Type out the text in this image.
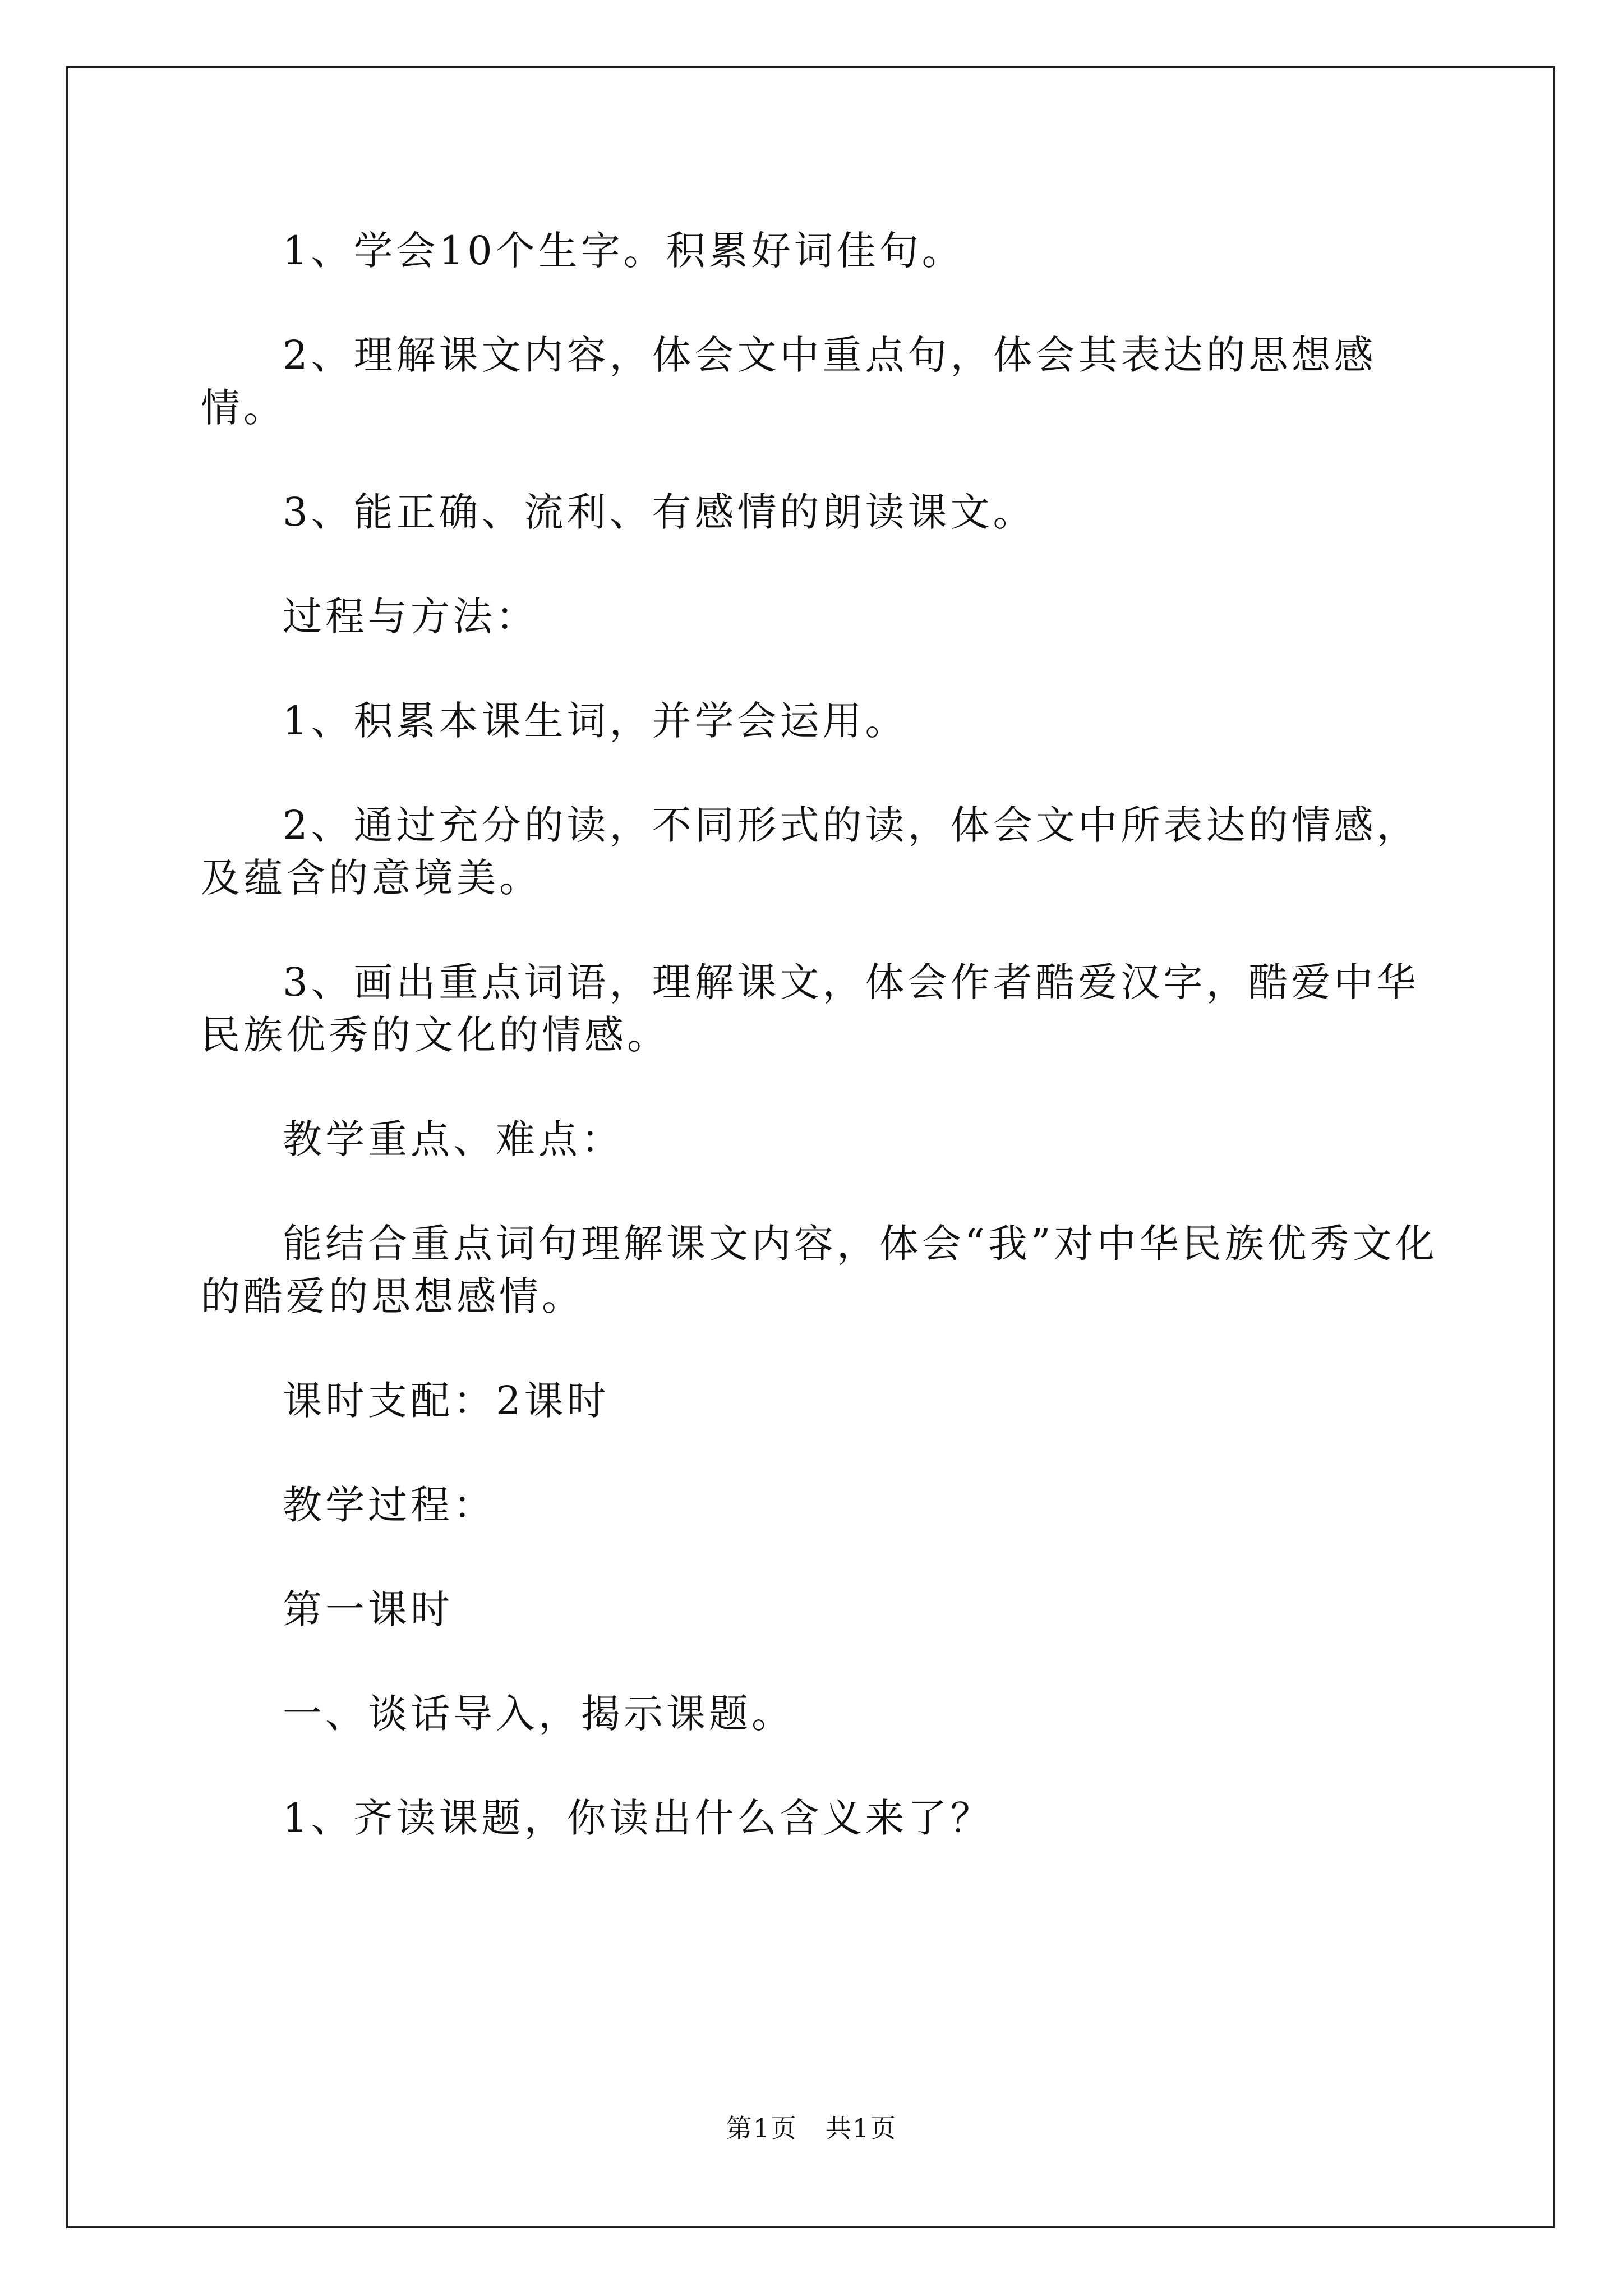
1、学会10个生字。积累好词佳句。

2、理解课文内容，体会文中重点句，体会其表达的思想感情。

3、能正确、流利、有感情的朗读课文。

过程与方法：

1、积累本课生词，并学会运用。

2、通过充分的读，不同形式的读，体会文中所表达的情感，及蕴含的意境美。

3、画出重点词语，理解课文，体会作者酷爱汉字，酷爱中华民族优秀的文化的情感。

教学重点、难点：

能结合重点词句理解课文内容，体会“我”对中华民族优秀文化的酷爱的思想感情。

课时支配：2课时

教学过程：

第一课时

一、谈话导入，揭示课题。

1、齐读课题，你读出什么含义来了？

第1页 共1页
